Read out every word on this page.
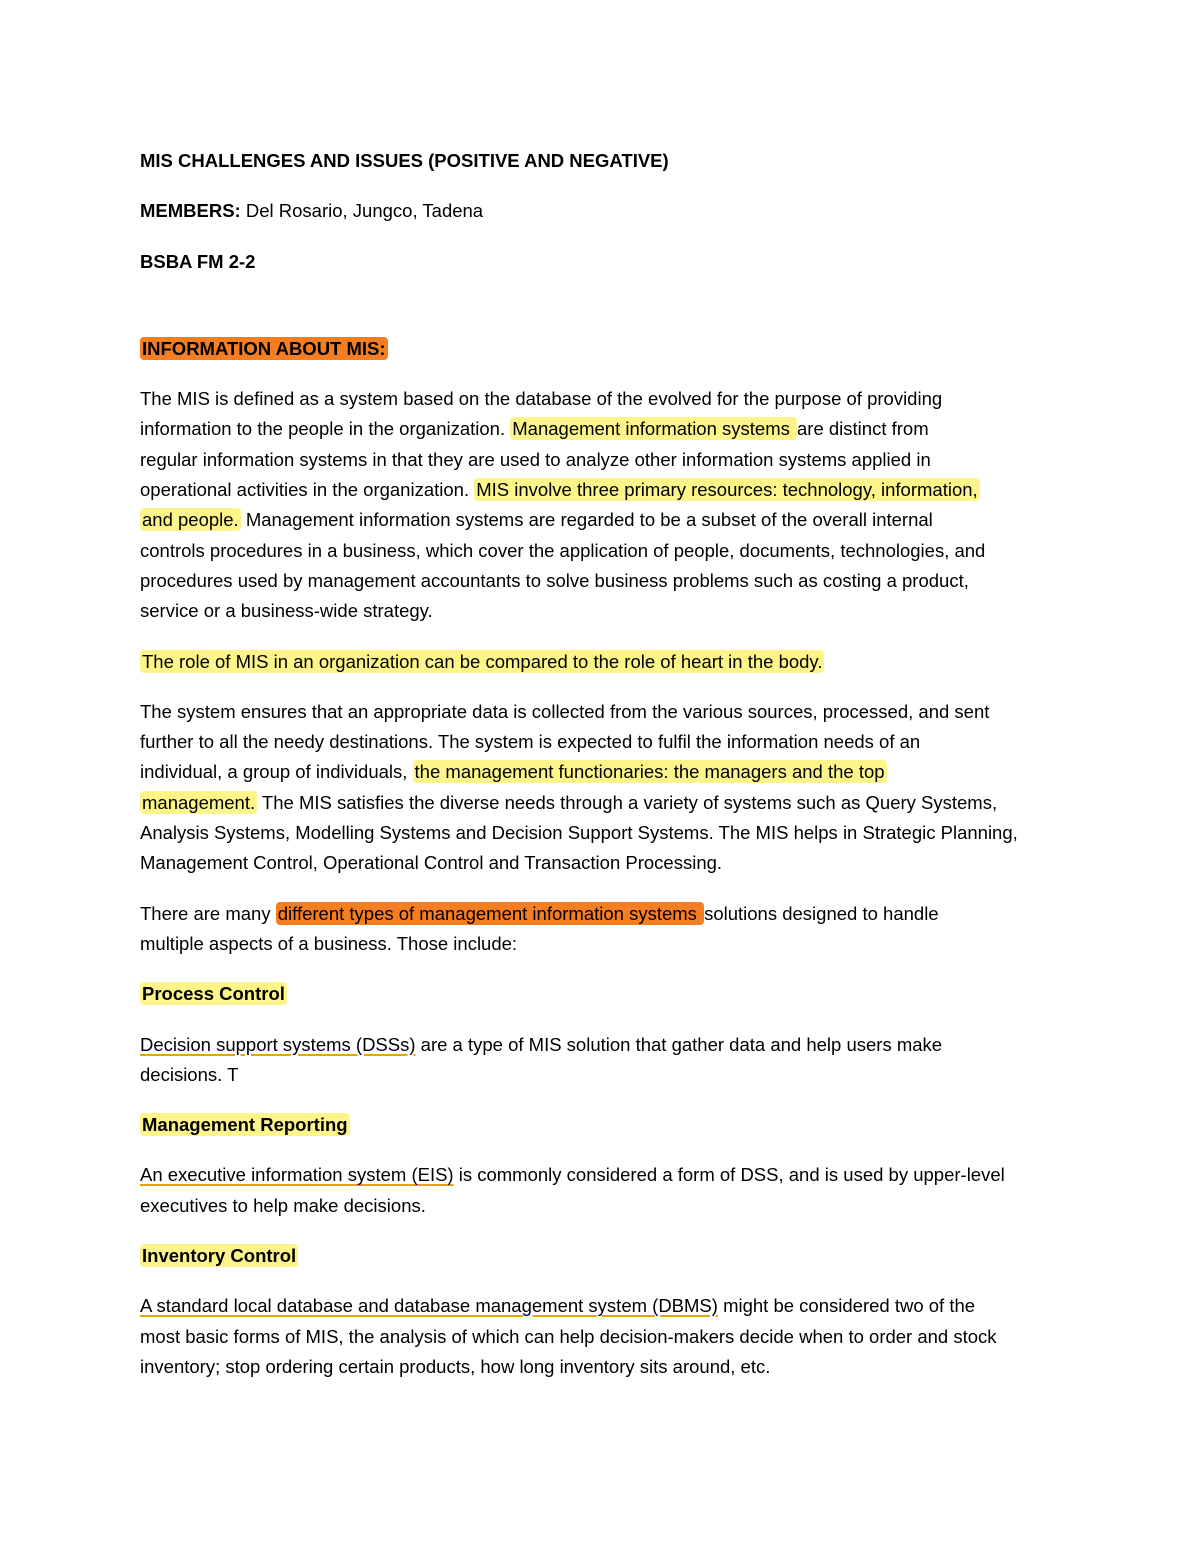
MIS CHALLENGES AND ISSUES (POSITIVE AND NEGATIVE)
MEMBERS: Del Rosario, Jungco, Tadena
BSBA FM 2-2
INFORMATION ABOUT MIS:
The MIS is defined as a system based on the database of the evolved for the purpose of providing
information to the people in the organization. Management information systems are distinct from
regular information systems in that they are used to analyze other information systems applied in
operational activities in the organization. MIS involve three primary resources: technology, information,
and people. Management information systems are regarded to be a subset of the overall internal
controls procedures in a business, which cover the application of people, documents, technologies, and
procedures used by management accountants to solve business problems such as costing a product,
service or a business-wide strategy.
The role of MIS in an organization can be compared to the role of heart in the body.
The system ensures that an appropriate data is collected from the various sources, processed, and sent
further to all the needy destinations. The system is expected to fulfil the information needs of an
individual, a group of individuals, the management functionaries: the managers and the top
management. The MIS satisfies the diverse needs through a variety of systems such as Query Systems,
Analysis Systems, Modelling Systems and Decision Support Systems. The MIS helps in Strategic Planning,
Management Control, Operational Control and Transaction Processing.
There are many different types of management information systems solutions designed to handle
multiple aspects of a business. Those include:
Process Control
Decision support systems (DSSs) are a type of MIS solution that gather data and help users make
decisions. T
Management Reporting
An executive information system (EIS) is commonly considered a form of DSS, and is used by upper-level
executives to help make decisions.
Inventory Control
A standard local database and database management system (DBMS) might be considered two of the
most basic forms of MIS, the analysis of which can help decision-makers decide when to order and stock
inventory; stop ordering certain products, how long inventory sits around, etc.
